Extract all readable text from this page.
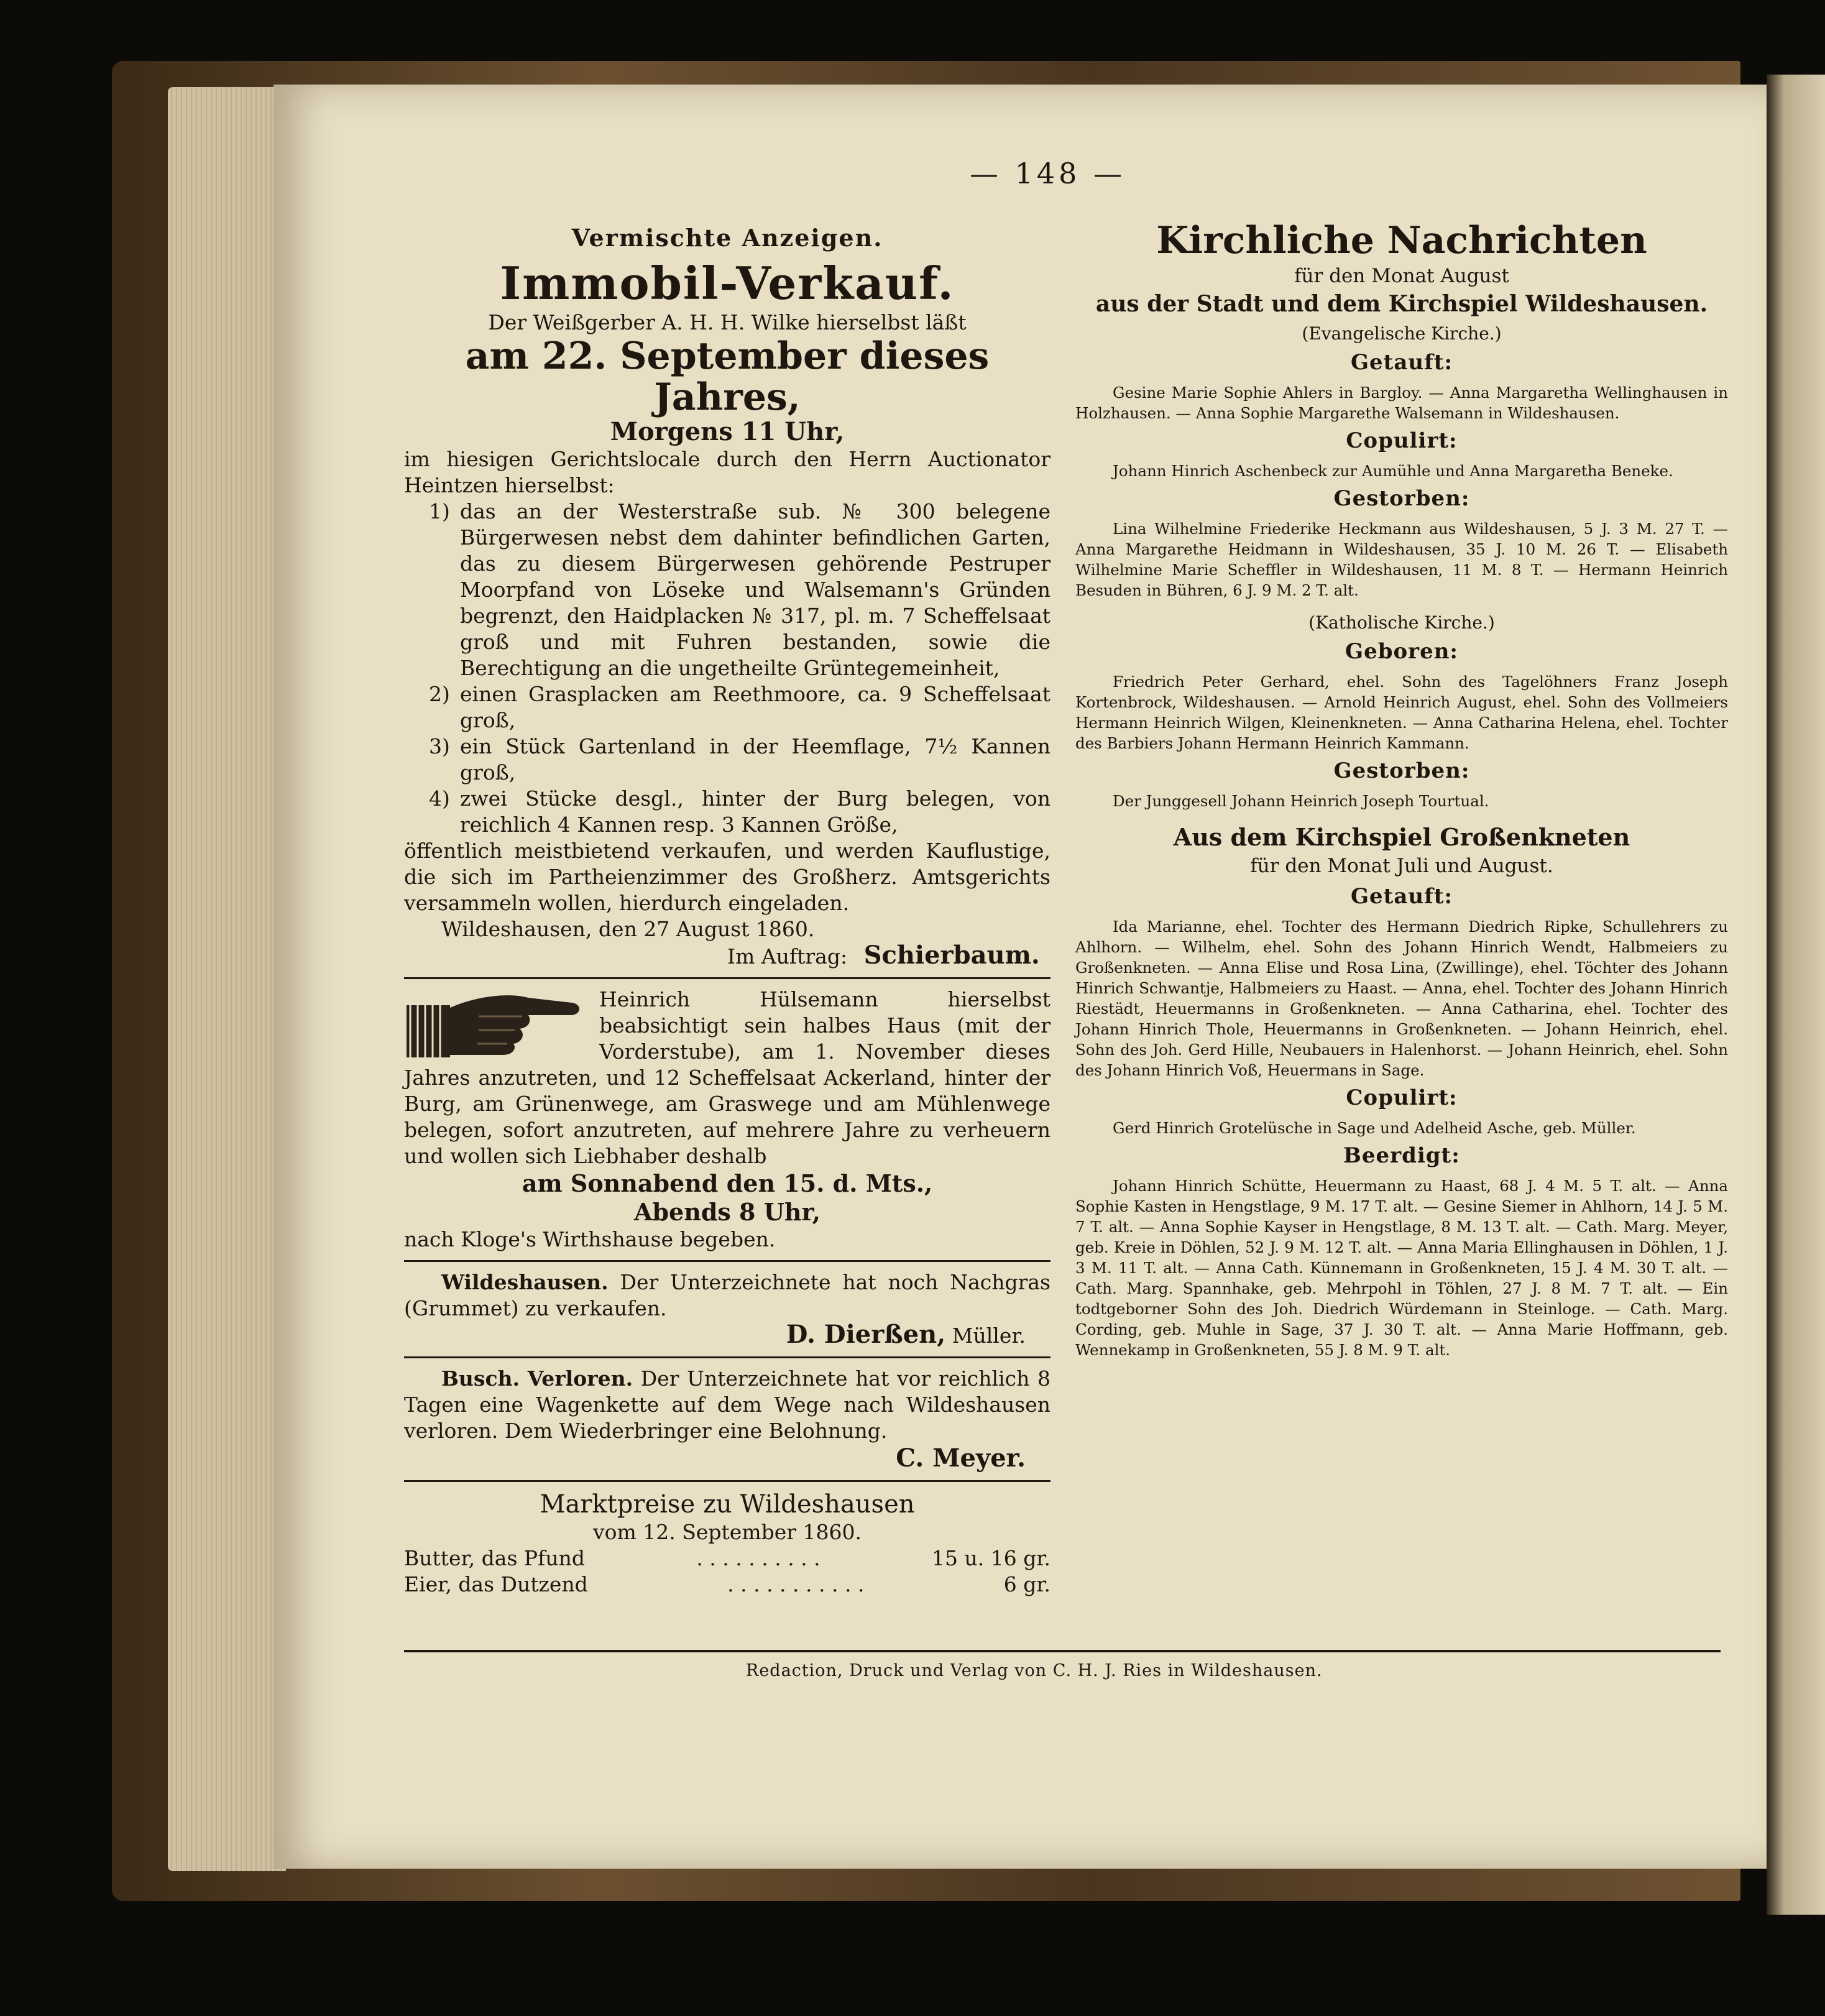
— 148 —
Vermischte Anzeigen.
Immobil-Verkauf.
Der Weißgerber A. H. H. Wilke hierselbst läßt
am 22. September dieses Jahres,
Morgens 11 Uhr,
im hiesigen Gerichtslocale durch den Herrn Auctionator Heintzen hierselbst:
1) das an der Westerstraße sub. № 300 belegene Bürgerwesen nebst dem dahinter befindlichen Garten, das zu diesem Bürgerwesen gehörende Pestruper Moorpfand von Löseke und Walsemann's Gründen begrenzt, den Haidplacken № 317, pl. m. 7 Scheffelsaat groß und mit Fuhren bestanden, sowie die Berechtigung an die ungetheilte Grüntegemeinheit,
2) einen Grasplacken am Reethmoore, ca. 9 Scheffelsaat groß,
3) ein Stück Gartenland in der Heemflage, 7½ Kannen groß,
4) zwei Stücke desgl., hinter der Burg belegen, von reichlich 4 Kannen resp. 3 Kannen Größe,
öffentlich meistbietend verkaufen, und werden Kauflustige, die sich im Partheienzimmer des Großherz. Amtsgerichts versammeln wollen, hierdurch eingeladen.
Wildeshausen, den 27 August 1860.
Im Auftrag: Schierbaum.
Heinrich Hülsemann hierselbst beabsichtigt sein halbes Haus (mit der Vorderstube), am 1. November dieses Jahres anzutreten, und 12 Scheffelsaat Ackerland, hinter der Burg, am Grünenwege, am Graswege und am Mühlenwege belegen, sofort anzutreten, auf mehrere Jahre zu verheuern und wollen sich Liebhaber deshalb
am Sonnabend den 15. d. Mts.,
Abends 8 Uhr,
nach Kloge's Wirthshause begeben.
Wildeshausen. Der Unterzeichnete hat noch Nachgras (Grummet) zu verkaufen.
D. Dierßen, Müller.
Busch. Verloren. Der Unterzeichnete hat vor reichlich 8 Tagen eine Wagenkette auf dem Wege nach Wildeshausen verloren. Dem Wiederbringer eine Belohnung.
C. Meyer.
Marktpreise zu Wildeshausen
vom 12. September 1860.
Butter, das Pfund	. . . . . . . . . .	15 u. 16 gr.
Eier, das Dutzend	. . . . . . . . . . .	6 gr.
Kirchliche Nachrichten
für den Monat August
aus der Stadt und dem Kirchspiel Wildeshausen.
(Evangelische Kirche.)
Getauft:
Gesine Marie Sophie Ahlers in Bargloy. — Anna Margaretha Wellinghausen in Holzhausen. — Anna Sophie Margarethe Walsemann in Wildeshausen.
Copulirt:
Johann Hinrich Aschenbeck zur Aumühle und Anna Margaretha Beneke.
Gestorben:
Lina Wilhelmine Friederike Heckmann aus Wildeshausen, 5 J. 3 M. 27 T. — Anna Margarethe Heidmann in Wildeshausen, 35 J. 10 M. 26 T. — Elisabeth Wilhelmine Marie Scheffler in Wildeshausen, 11 M. 8 T. — Hermann Heinrich Besuden in Bühren, 6 J. 9 M. 2 T. alt.
(Katholische Kirche.)
Geboren:
Friedrich Peter Gerhard, ehel. Sohn des Tagelöhners Franz Joseph Kortenbrock, Wildeshausen. — Arnold Heinrich August, ehel. Sohn des Vollmeiers Hermann Heinrich Wilgen, Kleinenkneten. — Anna Catharina Helena, ehel. Tochter des Barbiers Johann Hermann Heinrich Kammann.
Gestorben:
Der Junggesell Johann Heinrich Joseph Tourtual.
Aus dem Kirchspiel Großenkneten
für den Monat Juli und August.
Getauft:
Ida Marianne, ehel. Tochter des Hermann Diedrich Ripke, Schullehrers zu Ahlhorn. — Wilhelm, ehel. Sohn des Johann Hinrich Wendt, Halbmeiers zu Großenkneten. — Anna Elise und Rosa Lina, (Zwillinge), ehel. Töchter des Johann Hinrich Schwantje, Halbmeiers zu Haast. — Anna, ehel. Tochter des Johann Hinrich Riestädt, Heuermanns in Großenkneten. — Anna Catharina, ehel. Tochter des Johann Hinrich Thole, Heuermanns in Großenkneten. — Johann Heinrich, ehel. Sohn des Joh. Gerd Hille, Neubauers in Halenhorst. — Johann Heinrich, ehel. Sohn des Johann Hinrich Voß, Heuermans in Sage.
Copulirt:
Gerd Hinrich Grotelüsche in Sage und Adelheid Asche, geb. Müller.
Beerdigt:
Johann Hinrich Schütte, Heuermann zu Haast, 68 J. 4 M. 5 T. alt. — Anna Sophie Kasten in Hengstlage, 9 M. 17 T. alt. — Gesine Siemer in Ahlhorn, 14 J. 5 M. 7 T. alt. — Anna Sophie Kayser in Hengstlage, 8 M. 13 T. alt. — Cath. Marg. Meyer, geb. Kreie in Döhlen, 52 J. 9 M. 12 T. alt. — Anna Maria Ellinghausen in Döhlen, 1 J. 3 M. 11 T. alt. — Anna Cath. Künnemann in Großenkneten, 15 J. 4 M. 30 T. alt. — Cath. Marg. Spannhake, geb. Mehrpohl in Töhlen, 27 J. 8 M. 7 T. alt. — Ein todtgeborner Sohn des Joh. Diedrich Würdemann in Steinloge. — Cath. Marg. Cording, geb. Muhle in Sage, 37 J. 30 T. alt. — Anna Marie Hoffmann, geb. Wennekamp in Großenkneten, 55 J. 8 M. 9 T. alt.
Redaction, Druck und Verlag von C. H. J. Ries in Wildeshausen.
